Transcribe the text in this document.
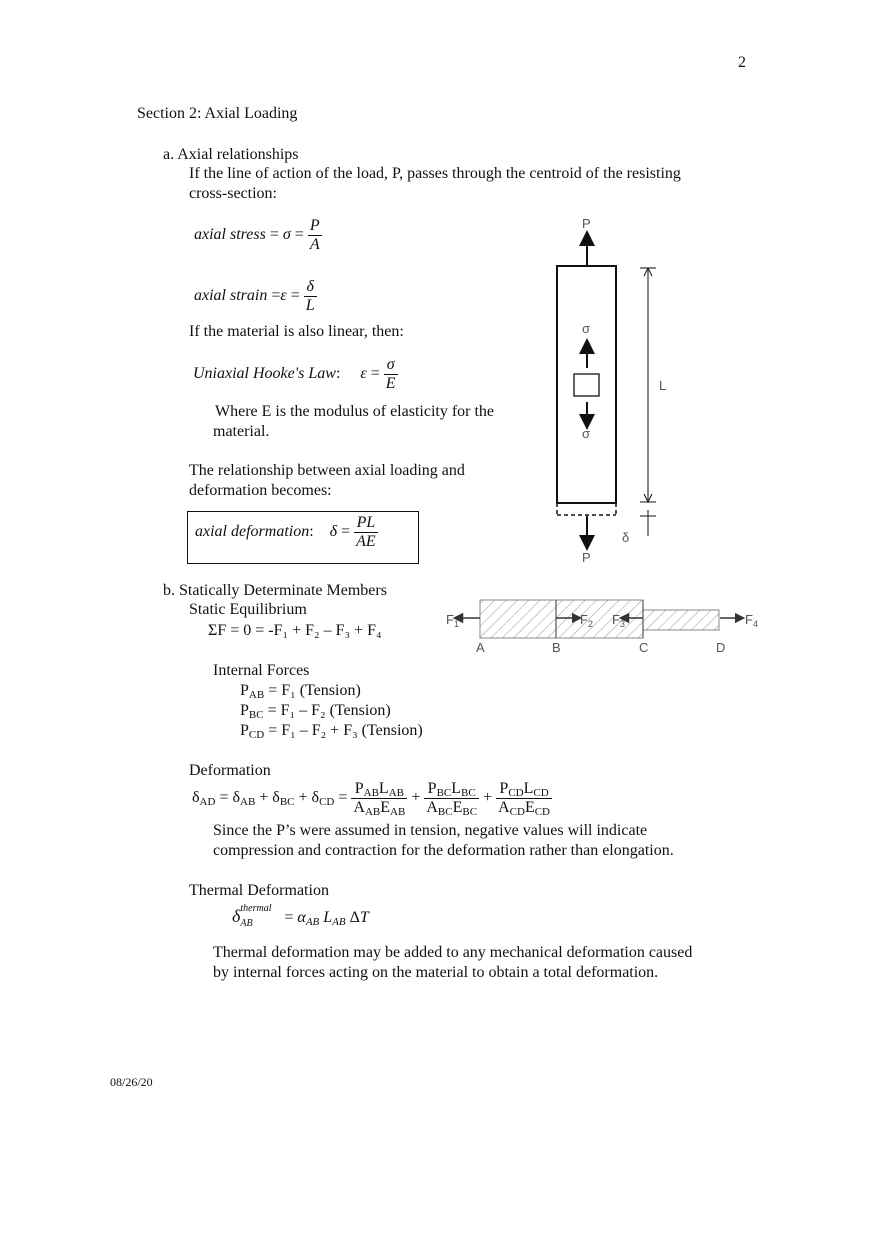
2
Section 2: Axial Loading
a. Axial relationships
If the line of action of the load, P, passes through the centroid of the resisting
cross-section:
axial stress = $\sigma = \frac{P}{A}$
axial strain $=\varepsilon = \frac{\delta}{L}$
If the material is also linear, then:
Uniaxial Hooke's Law:     $\varepsilon = \frac{\sigma}{E}$
Where E is the modulus of elasticity for the
material.
The relationship between axial loading and
deformation becomes:
axial deformation:    $\delta = \frac{PL}{AE}$
P
P
σ
σ
L
δ
b. Statically Determinate Members
Static Equilibrium
ΣF = 0 = -F₁ + F₂ – F₃ + F₄
$F_1$	$F_2$ $F_3$	$F_4$
A	B	C	D
Internal Forces
$P_{AB} = F_1$ (Tension)
$P_{BC} = F_1 - F_2$ (Tension)
$P_{CD} = F_1 - F_2 + F_3$ (Tension)
Deformation
$\delta_{AD} = \delta_{AB} + \delta_{BC} + \delta_{CD} = \frac{P_{AB}L_{AB}}{A_{AB}E_{AB}} + \frac{P_{BC}L_{BC}}{A_{BC}E_{BC}} + \frac{P_{CD}L_{CD}}{A_{CD}E_{CD}}$
Since the P’s were assumed in tension, negative values will indicate
compression and contraction for the deformation rather than elongation.
Thermal Deformation
δ thermal
AB = $\alpha_{AB}$ $L_{AB}$ ΔT
Thermal deformation may be added to any mechanical deformation caused
by internal forces acting on the material to obtain a total deformation.
08/26/20
